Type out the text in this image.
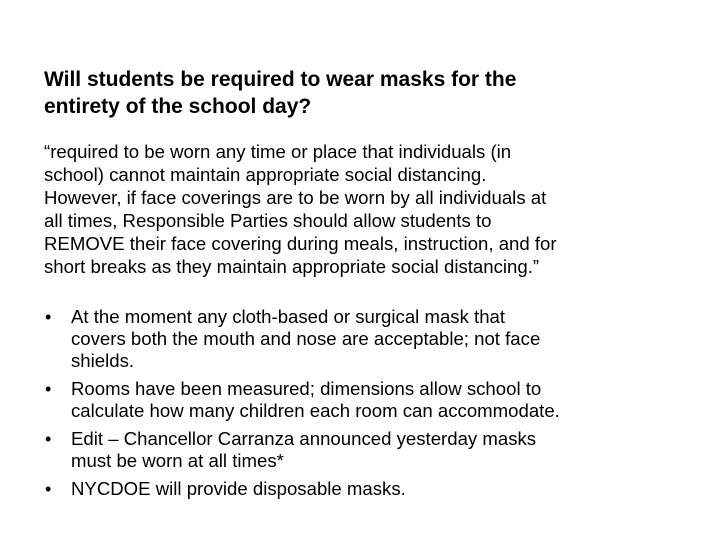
Will students be required to wear masks for the
entirety of the school day?

“required to be worn any time or place that individuals (in
school) cannot maintain appropriate social distancing.
However, if face coverings are to be worn by all individuals at
all times, Responsible Parties should allow students to
REMOVE their face covering during meals, instruction, and for
short breaks as they maintain appropriate social distancing.”

• At the moment any cloth-based or surgical mask that
covers both the mouth and nose are acceptable; not face
shields.
• Rooms have been measured; dimensions allow school to
calculate how many children each room can accommodate.
• Edit – Chancellor Carranza announced yesterday masks
must be worn at all times*
• NYCDOE will provide disposable masks.
